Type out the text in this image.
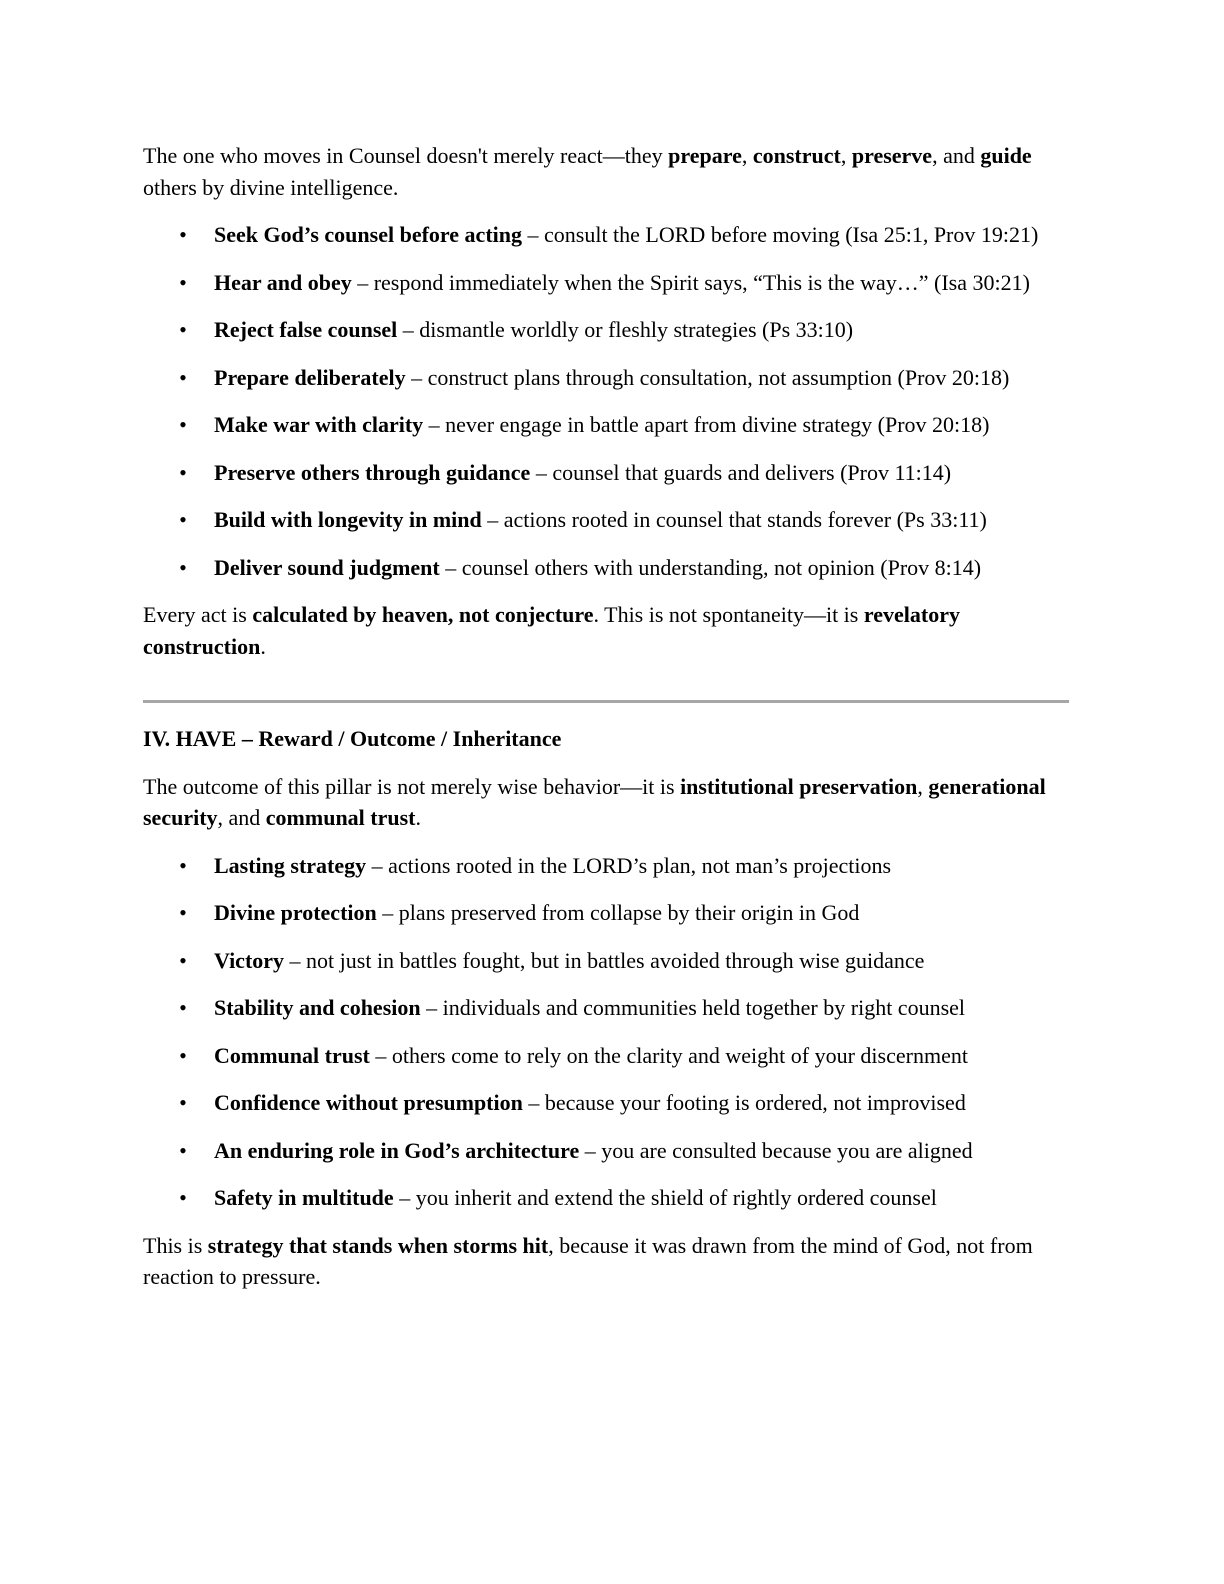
The one who moves in Counsel doesn't merely react—they prepare, construct, preserve, and guide others by divine intelligence.

• Seek God’s counsel before acting – consult the LORD before moving (Isa 25:1, Prov 19:21)
• Hear and obey – respond immediately when the Spirit says, “This is the way…” (Isa 30:21)
• Reject false counsel – dismantle worldly or fleshly strategies (Ps 33:10)
• Prepare deliberately – construct plans through consultation, not assumption (Prov 20:18)
• Make war with clarity – never engage in battle apart from divine strategy (Prov 20:18)
• Preserve others through guidance – counsel that guards and delivers (Prov 11:14)
• Build with longevity in mind – actions rooted in counsel that stands forever (Ps 33:11)
• Deliver sound judgment – counsel others with understanding, not opinion (Prov 8:14)

Every act is calculated by heaven, not conjecture. This is not spontaneity—it is revelatory construction.

IV. HAVE – Reward / Outcome / Inheritance

The outcome of this pillar is not merely wise behavior—it is institutional preservation, generational security, and communal trust.

• Lasting strategy – actions rooted in the LORD’s plan, not man’s projections
• Divine protection – plans preserved from collapse by their origin in God
• Victory – not just in battles fought, but in battles avoided through wise guidance
• Stability and cohesion – individuals and communities held together by right counsel
• Communal trust – others come to rely on the clarity and weight of your discernment
• Confidence without presumption – because your footing is ordered, not improvised
• An enduring role in God’s architecture – you are consulted because you are aligned
• Safety in multitude – you inherit and extend the shield of rightly ordered counsel

This is strategy that stands when storms hit, because it was drawn from the mind of God, not from reaction to pressure.
